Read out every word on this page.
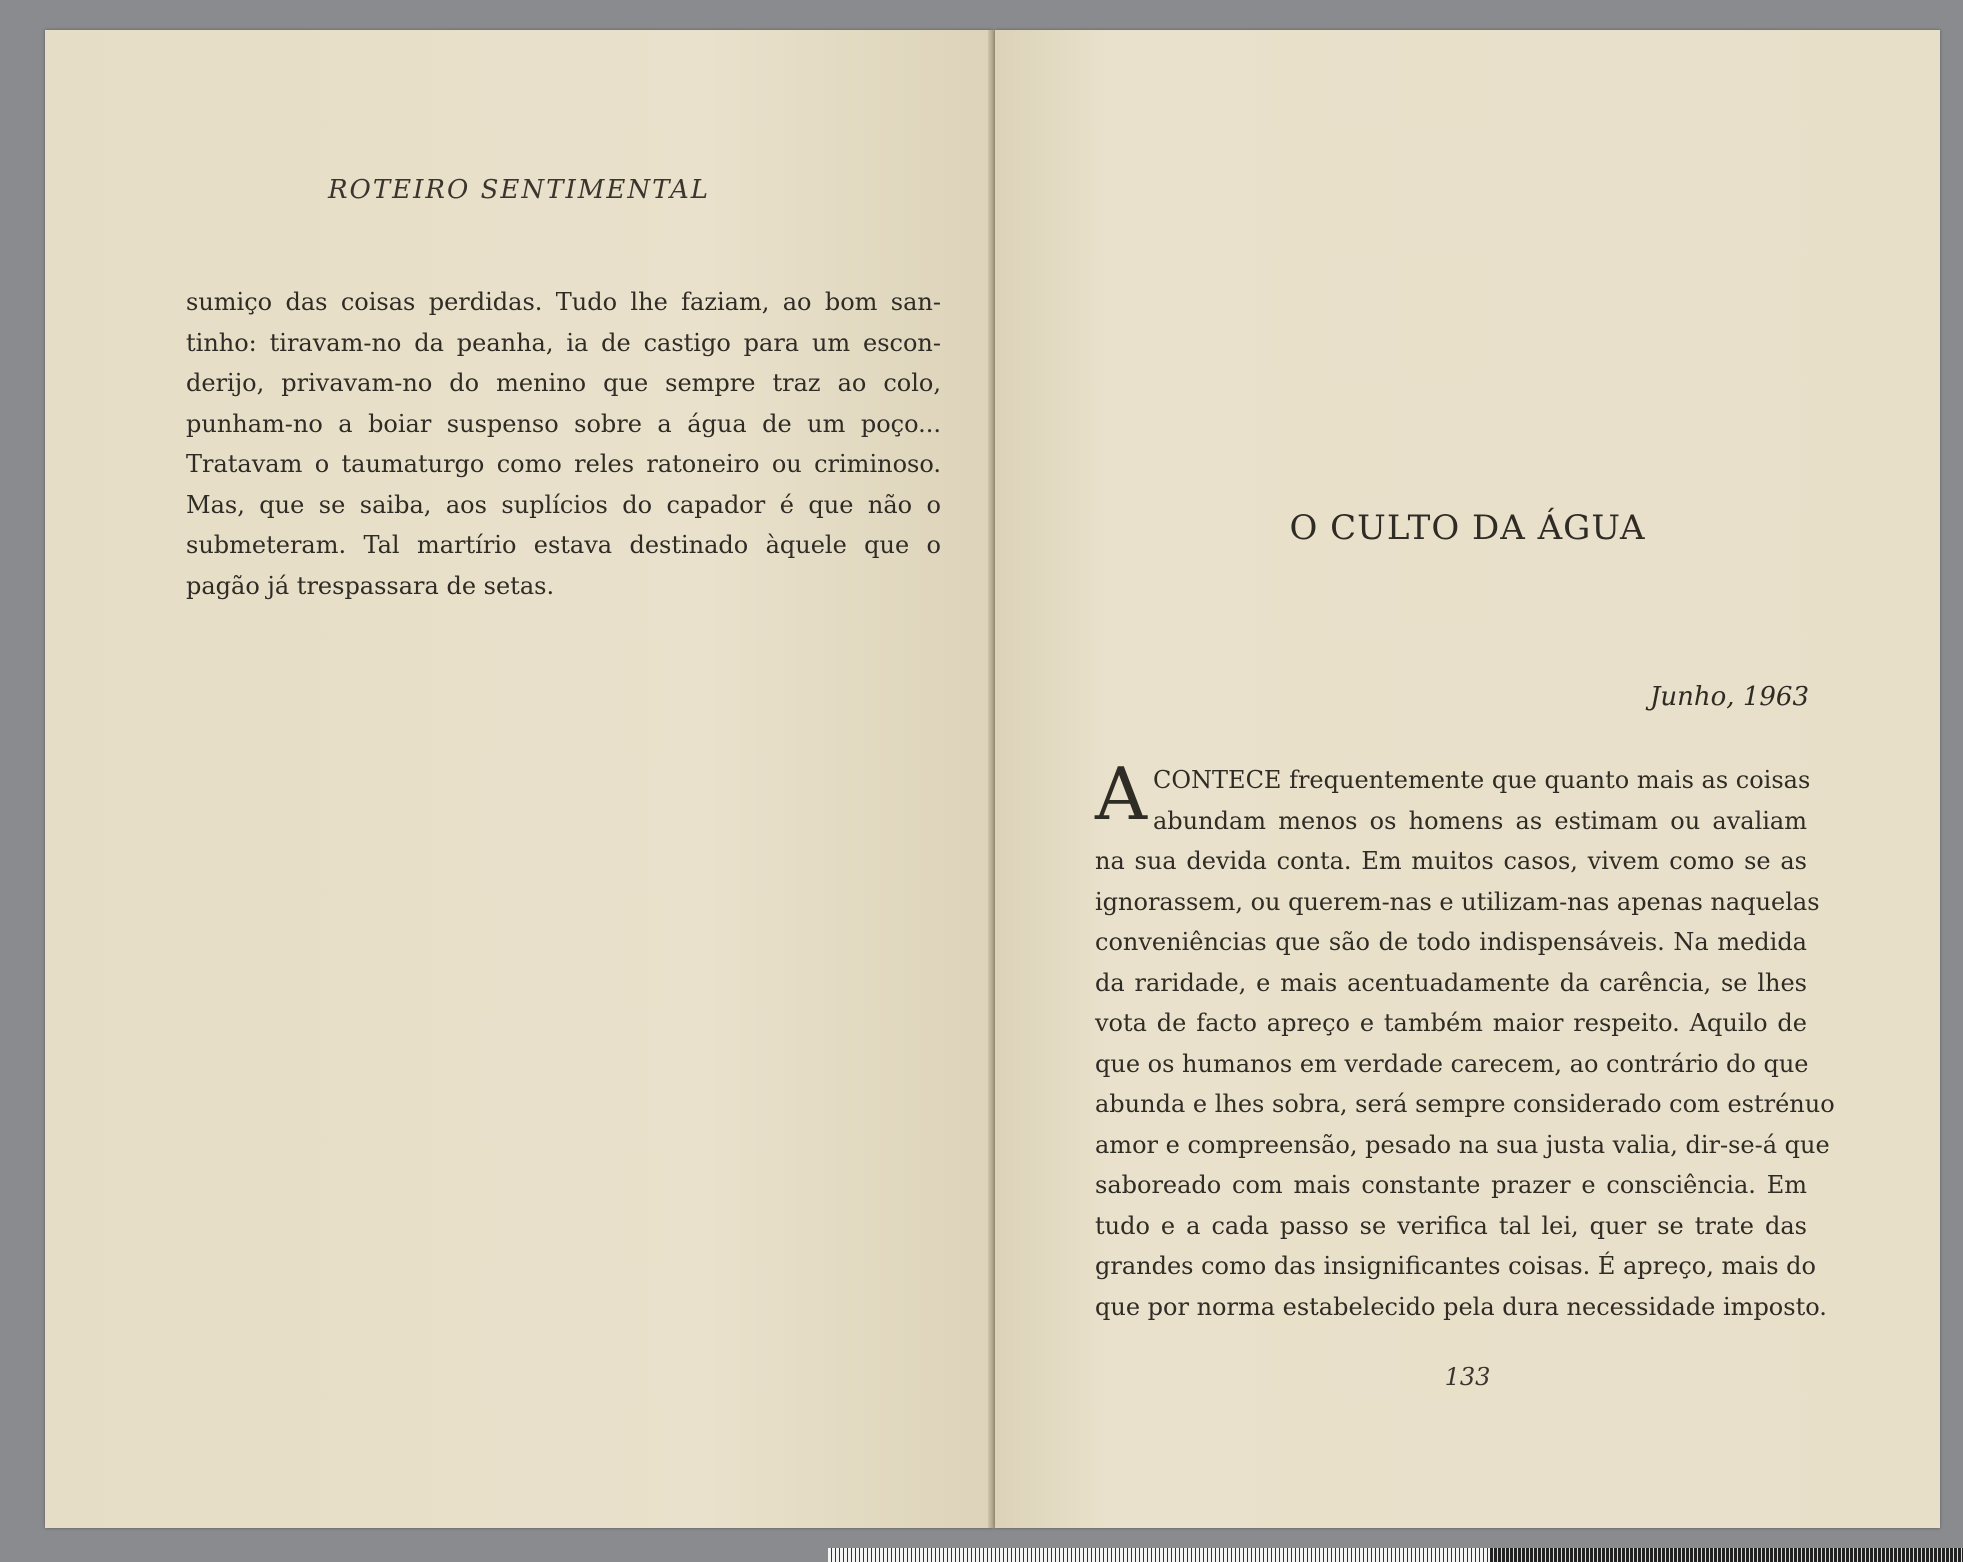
ROTEIRO SENTIMENTAL
sumiço das coisas perdidas. Tudo lhe faziam, ao bom san-
tinho: tiravam-no da peanha, ia de castigo para um escon-
derijo, privavam-no do menino que sempre traz ao colo,
punham-no a boiar suspenso sobre a água de um poço...
Tratavam o taumaturgo como reles ratoneiro ou criminoso.
Mas, que se saiba, aos suplícios do capador é que não o
submeteram. Tal martírio estava destinado àquele que o
pagão já trespassara de setas.
O CULTO DA ÁGUA
Junho, 1963
A CONTECE frequentemente que quanto mais as coisas
abundam menos os homens as estimam ou avaliam
na sua devida conta. Em muitos casos, vivem como se as
ignorassem, ou querem-nas e utilizam-nas apenas naquelas
conveniências que são de todo indispensáveis. Na medida
da raridade, e mais acentuadamente da carência, se lhes
vota de facto apreço e também maior respeito. Aquilo de
que os humanos em verdade carecem, ao contrário do que
abunda e lhes sobra, será sempre considerado com estrénuo
amor e compreensão, pesado na sua justa valia, dir-se-á que
saboreado com mais constante prazer e consciência. Em
tudo e a cada passo se verifica tal lei, quer se trate das
grandes como das insignificantes coisas. É apreço, mais do
que por norma estabelecido pela dura necessidade imposto.
133
